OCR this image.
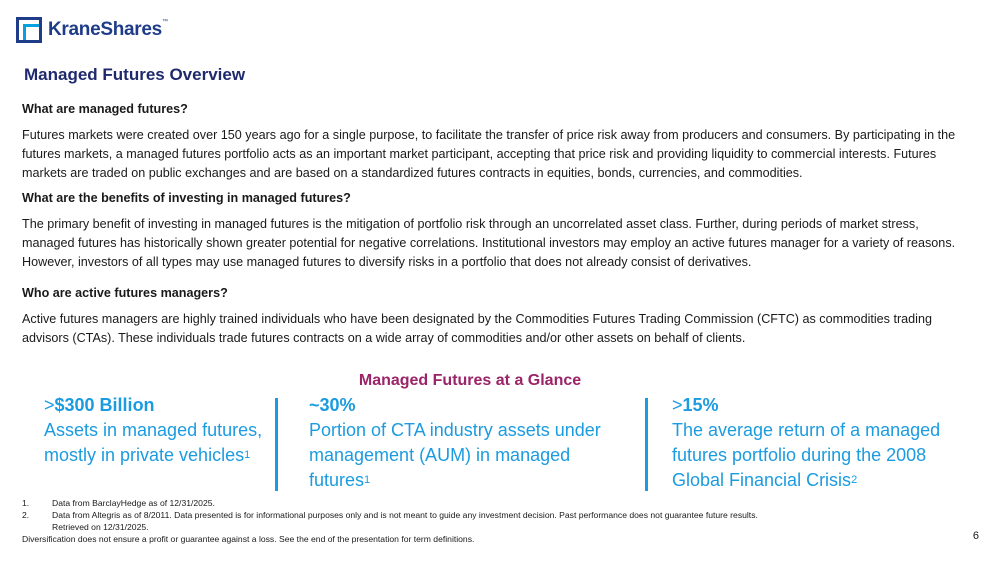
KraneShares™
Managed Futures Overview
What are managed futures?
Futures markets were created over 150 years ago for a single purpose, to facilitate the transfer of price risk away from producers and consumers. By participating in the futures markets, a managed futures portfolio acts as an important market participant, accepting that price risk and providing liquidity to commercial interests. Futures markets are traded on public exchanges and are based on a standardized futures contracts in equities, bonds, currencies, and commodities.
What are the benefits of investing in managed futures?
The primary benefit of investing in managed futures is the mitigation of portfolio risk through an uncorrelated asset class. Further, during periods of market stress, managed futures has historically shown greater potential for negative correlations. Institutional investors may employ an active futures manager for a variety of reasons. However, investors of all types may use managed futures to diversify risks in a portfolio that does not already consist of derivatives.
Who are active futures managers?
Active futures managers are highly trained individuals who have been designated by the Commodities Futures Trading Commission (CFTC) as commodities trading advisors (CTAs). These individuals trade futures contracts on a wide array of commodities and/or other assets on behalf of clients.
Managed Futures at a Glance
>$300 Billion
Assets in managed futures, mostly in private vehicles$^1$
~30%
Portion of CTA industry assets under management (AUM) in managed futures$^1$
>15%
The average return of a managed futures portfolio during the 2008 Global Financial Crisis$^2$
1.	Data from BarclayHedge as of 12/31/2025.
2.	Data from Altegris as of 8/2011. Data presented is for informational purposes only and is not meant to guide any investment decision. Past performance does not guarantee future results. Retrieved on 12/31/2025.
Diversification does not ensure a profit or guarantee against a loss. See the end of the presentation for term definitions.	6
